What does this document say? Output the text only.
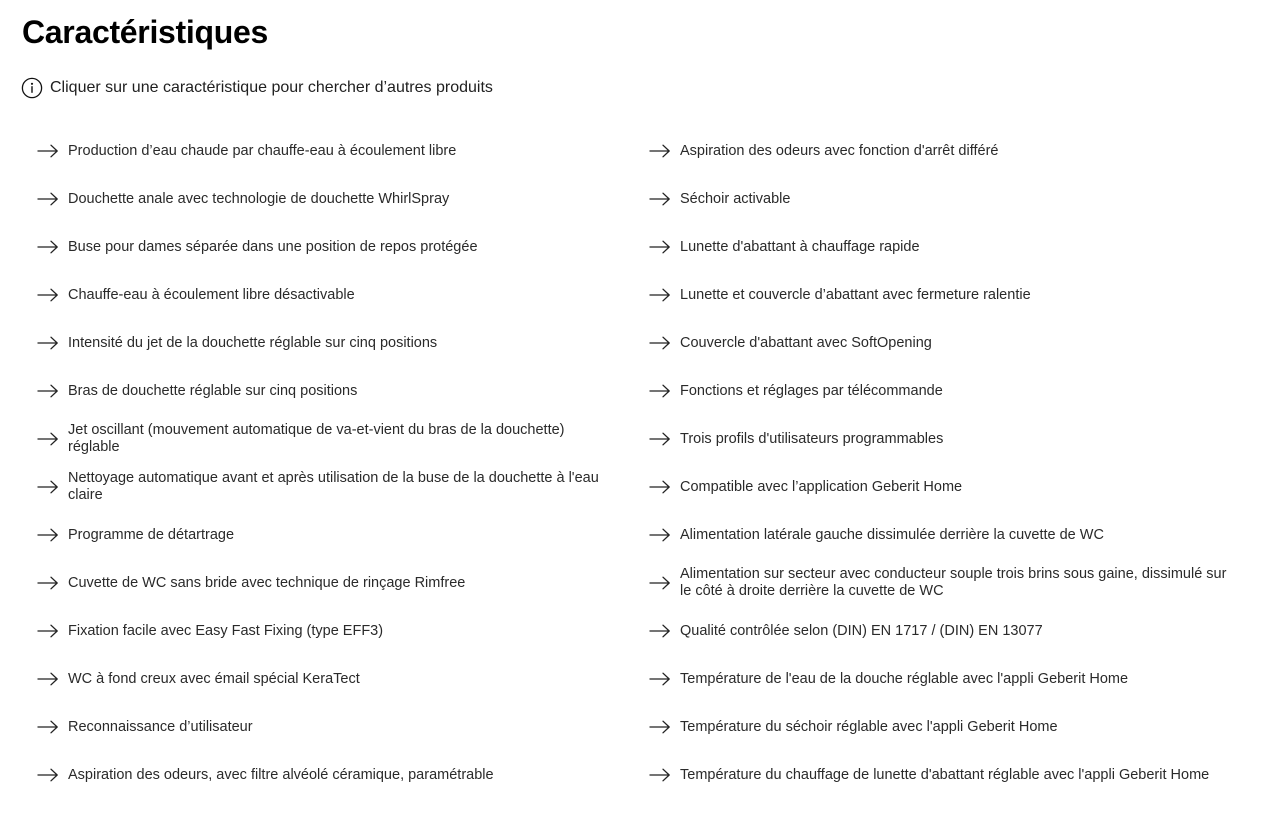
Caractéristiques
Cliquer sur une caractéristique pour chercher d’autres produits
Production d’eau chaude par chauffe-eau à écoulement libre
Douchette anale avec technologie de douchette WhirlSpray
Buse pour dames séparée dans une position de repos protégée
Chauffe-eau à écoulement libre désactivable
Intensité du jet de la douchette réglable sur cinq positions
Bras de douchette réglable sur cinq positions
Jet oscillant (mouvement automatique de va-et-vient du bras de la douchette) réglable
Nettoyage automatique avant et après utilisation de la buse de la douchette à l'eau claire
Programme de détartrage
Cuvette de WC sans bride avec technique de rinçage Rimfree
Fixation facile avec Easy Fast Fixing (type EFF3)
WC à fond creux avec émail spécial KeraTect
Reconnaissance d’utilisateur
Aspiration des odeurs, avec filtre alvéolé céramique, paramétrable
Aspiration des odeurs avec fonction d'arrêt différé
Séchoir activable
Lunette d'abattant à chauffage rapide
Lunette et couvercle d’abattant avec fermeture ralentie
Couvercle d'abattant avec SoftOpening
Fonctions et réglages par télécommande
Trois profils d'utilisateurs programmables
Compatible avec l’application Geberit Home
Alimentation latérale gauche dissimulée derrière la cuvette de WC
Alimentation sur secteur avec conducteur souple trois brins sous gaine, dissimulé sur le côté à droite derrière la cuvette de WC
Qualité contrôlée selon (DIN) EN 1717 / (DIN) EN 13077
Température de l'eau de la douche réglable avec l'appli Geberit Home
Température du séchoir réglable avec l'appli Geberit Home
Température du chauffage de lunette d'abattant réglable avec l'appli Geberit Home
